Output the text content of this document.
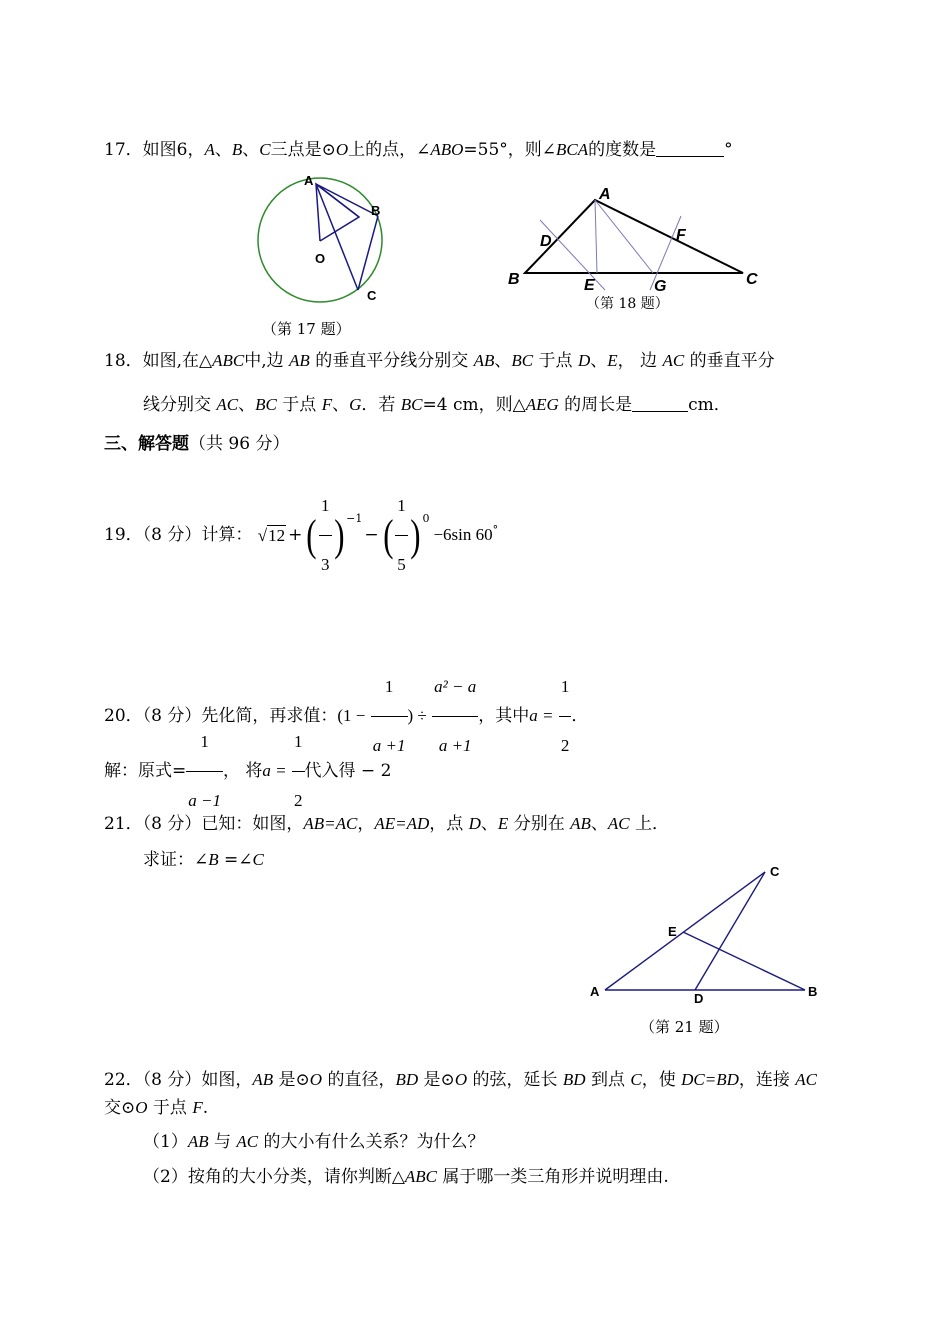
17．如图6，A、B、C三点是⊙O上的点，∠ABO=55°，则∠BCA的度数是	°
A
B
O
C
（第 17 题）
A
B	C
D
E
F
G
（第 18 题）
18．如图,在△ABC中,边 AB 的垂直平分线分别交 AB、BC 于点 D、E， 边 AC 的垂直平分
线分别交 AC、BC 于点 F、G．若 BC=4 cm，则△AEG 的周长是	cm．
三、解答题（共 96 分）
19．（8 分）计算： √12 +( $\frac{1}{3}$ ) $^{-1}-( \frac{1}{5}$ ) $^0$−6sin 60°
20．（8 分）先化简，再求值：($1 - \frac{1}{a +1}$ ) ÷ $\frac{\text{a² − a}}{a +1}$ ，其中$a = \frac{1}{2}$ ．
解：原式= $\frac{1}{a -1}$ ， 将$a = \frac{1}{2}$ 代入得 − 2
21．（8 分）已知：如图，AB=AC，AE=AD，点 D、E 分别在 AB、AC 上．
求证：∠B =∠C
A	B
C
D
E
（第 21 题）
22．（8 分）如图，AB 是⊙O 的直径，BD 是⊙O 的弦，延长 BD 到点 C，使 DC=BD，连接 AC
交⊙O 于点 F.
（1）AB 与 AC 的大小有什么关系？为什么？
（2）按角的大小分类，请你判断△ABC 属于哪一类三角形并说明理由.
